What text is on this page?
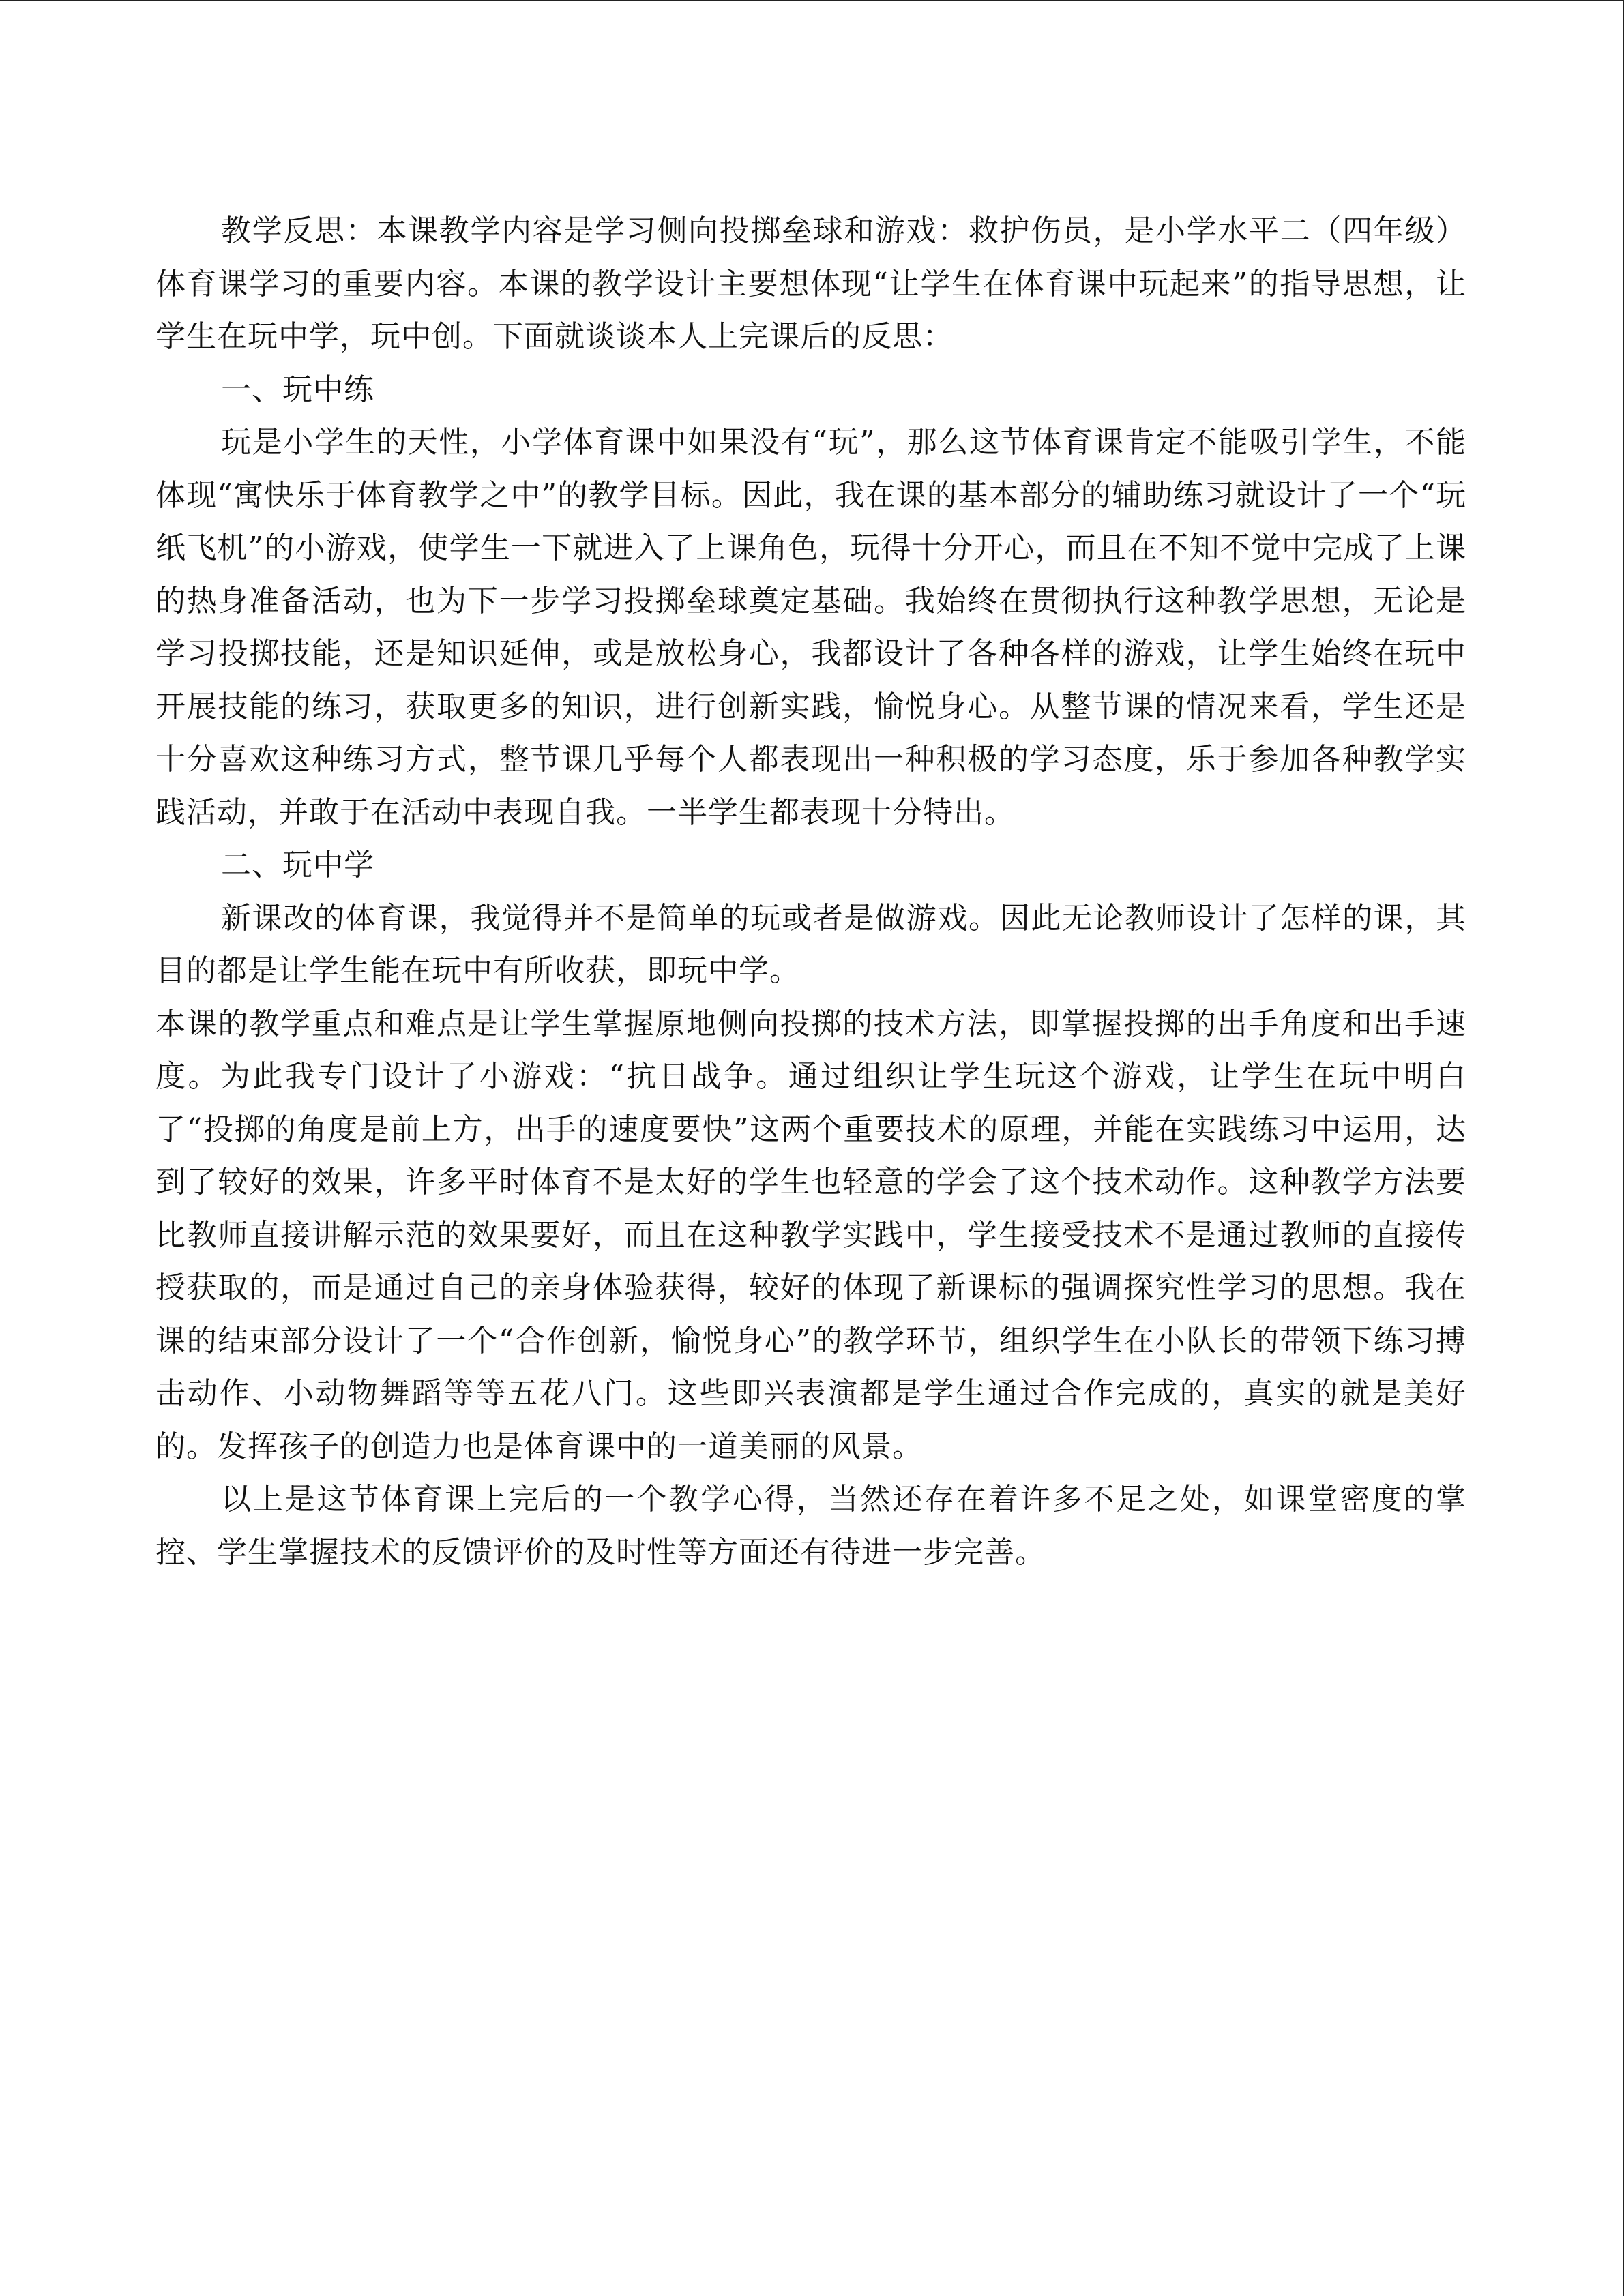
教学反思：本课教学内容是学习侧向投掷垒球和游戏：救护伤员，是小学水平二（四年级）体育课学习的重要内容。本课的教学设计主要想体现“让学生在体育课中玩起来”的指导思想，让学生在玩中学，玩中创。下面就谈谈本人上完课后的反思：

一、玩中练

玩是小学生的天性，小学体育课中如果没有“玩”，那么这节体育课肯定不能吸引学生，不能体现“寓快乐于体育教学之中”的教学目标。因此，我在课的基本部分的辅助练习就设计了一个“玩纸飞机”的小游戏，使学生一下就进入了上课角色，玩得十分开心，而且在不知不觉中完成了上课的热身准备活动，也为下一步学习投掷垒球奠定基础。我始终在贯彻执行这种教学思想，无论是学习投掷技能，还是知识延伸，或是放松身心，我都设计了各种各样的游戏，让学生始终在玩中开展技能的练习，获取更多的知识，进行创新实践，愉悦身心。从整节课的情况来看，学生还是十分喜欢这种练习方式，整节课几乎每个人都表现出一种积极的学习态度，乐于参加各种教学实践活动，并敢于在活动中表现自我。一半学生都表现十分特出。

二、玩中学

新课改的体育课，我觉得并不是简单的玩或者是做游戏。因此无论教师设计了怎样的课，其目的都是让学生能在玩中有所收获，即玩中学。

本课的教学重点和难点是让学生掌握原地侧向投掷的技术方法，即掌握投掷的出手角度和出手速度。为此我专门设计了小游戏：“抗日战争。通过组织让学生玩这个游戏，让学生在玩中明白了“投掷的角度是前上方，出手的速度要快”这两个重要技术的原理，并能在实践练习中运用，达到了较好的效果，许多平时体育不是太好的学生也轻意的学会了这个技术动作。这种教学方法要比教师直接讲解示范的效果要好，而且在这种教学实践中，学生接受技术不是通过教师的直接传授获取的，而是通过自己的亲身体验获得，较好的体现了新课标的强调探究性学习的思想。我在课的结束部分设计了一个“合作创新，愉悦身心”的教学环节，组织学生在小队长的带领下练习搏击动作、小动物舞蹈等等五花八门。这些即兴表演都是学生通过合作完成的，真实的就是美好的。发挥孩子的创造力也是体育课中的一道美丽的风景。

以上是这节体育课上完后的一个教学心得，当然还存在着许多不足之处，如课堂密度的掌控、学生掌握技术的反馈评价的及时性等方面还有待进一步完善。
